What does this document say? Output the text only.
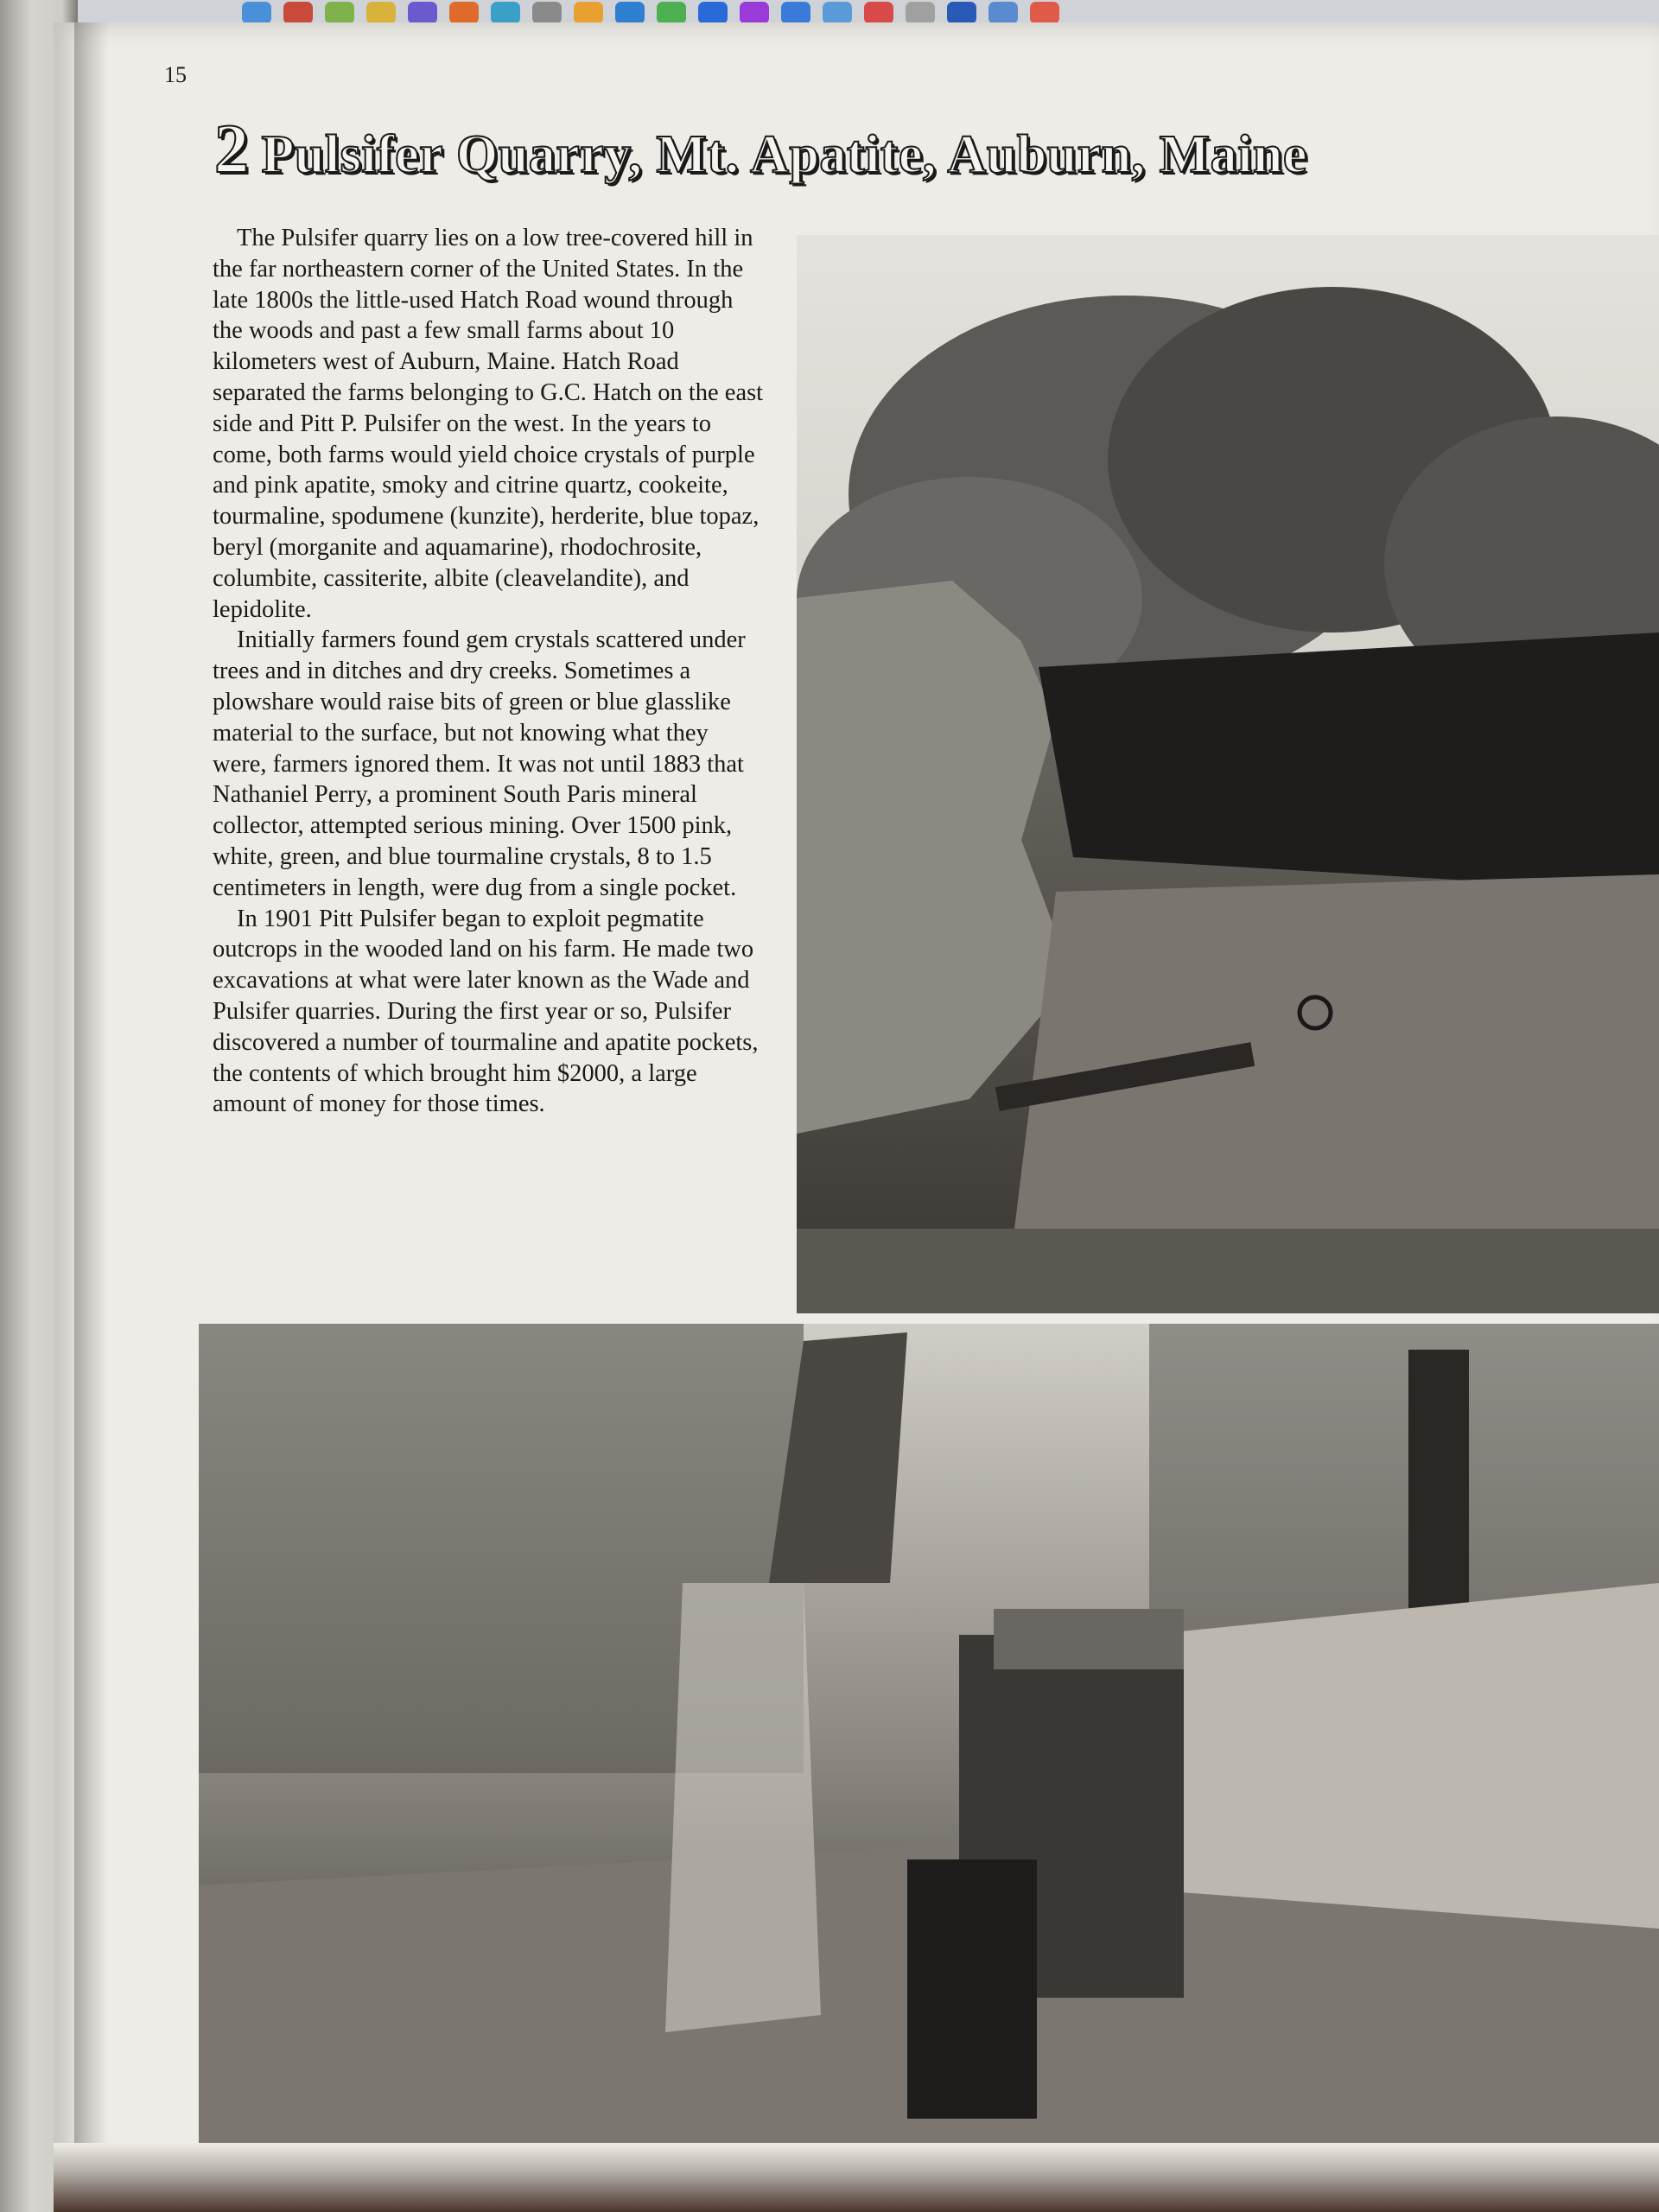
15
2 Pulsifer Quarry, Mt. Apatite, Auburn, Maine

The Pulsifer quarry lies on a low tree-covered hill in the far northeastern corner of the United States. In the late 1800s the little-used Hatch Road wound through the woods and past a few small farms about 10 kilometers west of Auburn, Maine. Hatch Road separated the farms belonging to G.C. Hatch on the east side and Pitt P. Pulsifer on the west. In the years to come, both farms would yield choice crystals of purple and pink apatite, smoky and citrine quartz, cookeite, tourmaline, spodumene (kunzite), herderite, blue topaz, beryl (morganite and aquamarine), rhodochrosite, columbite, cassiterite, albite (cleavelandite), and lepidolite.

Initially farmers found gem crystals scattered under trees and in ditches and dry creeks. Sometimes a plowshare would raise bits of green or blue glasslike material to the surface, but not knowing what they were, farmers ignored them. It was not until 1883 that Nathaniel Perry, a prominent South Paris mineral collector, attempted serious mining. Over 1500 pink, white, green, and blue tourmaline crystals, 8 to 1.5 centimeters in length, were dug from a single pocket.

In 1901 Pitt Pulsifer began to exploit pegmatite outcrops in the wooded land on his farm. He made two excavations at what were later known as the Wade and Pulsifer quarries. During the first year or so, Pulsifer discovered a number of tourmaline and apatite pockets, the contents of which brought him $2000, a large amount of money for those times.
